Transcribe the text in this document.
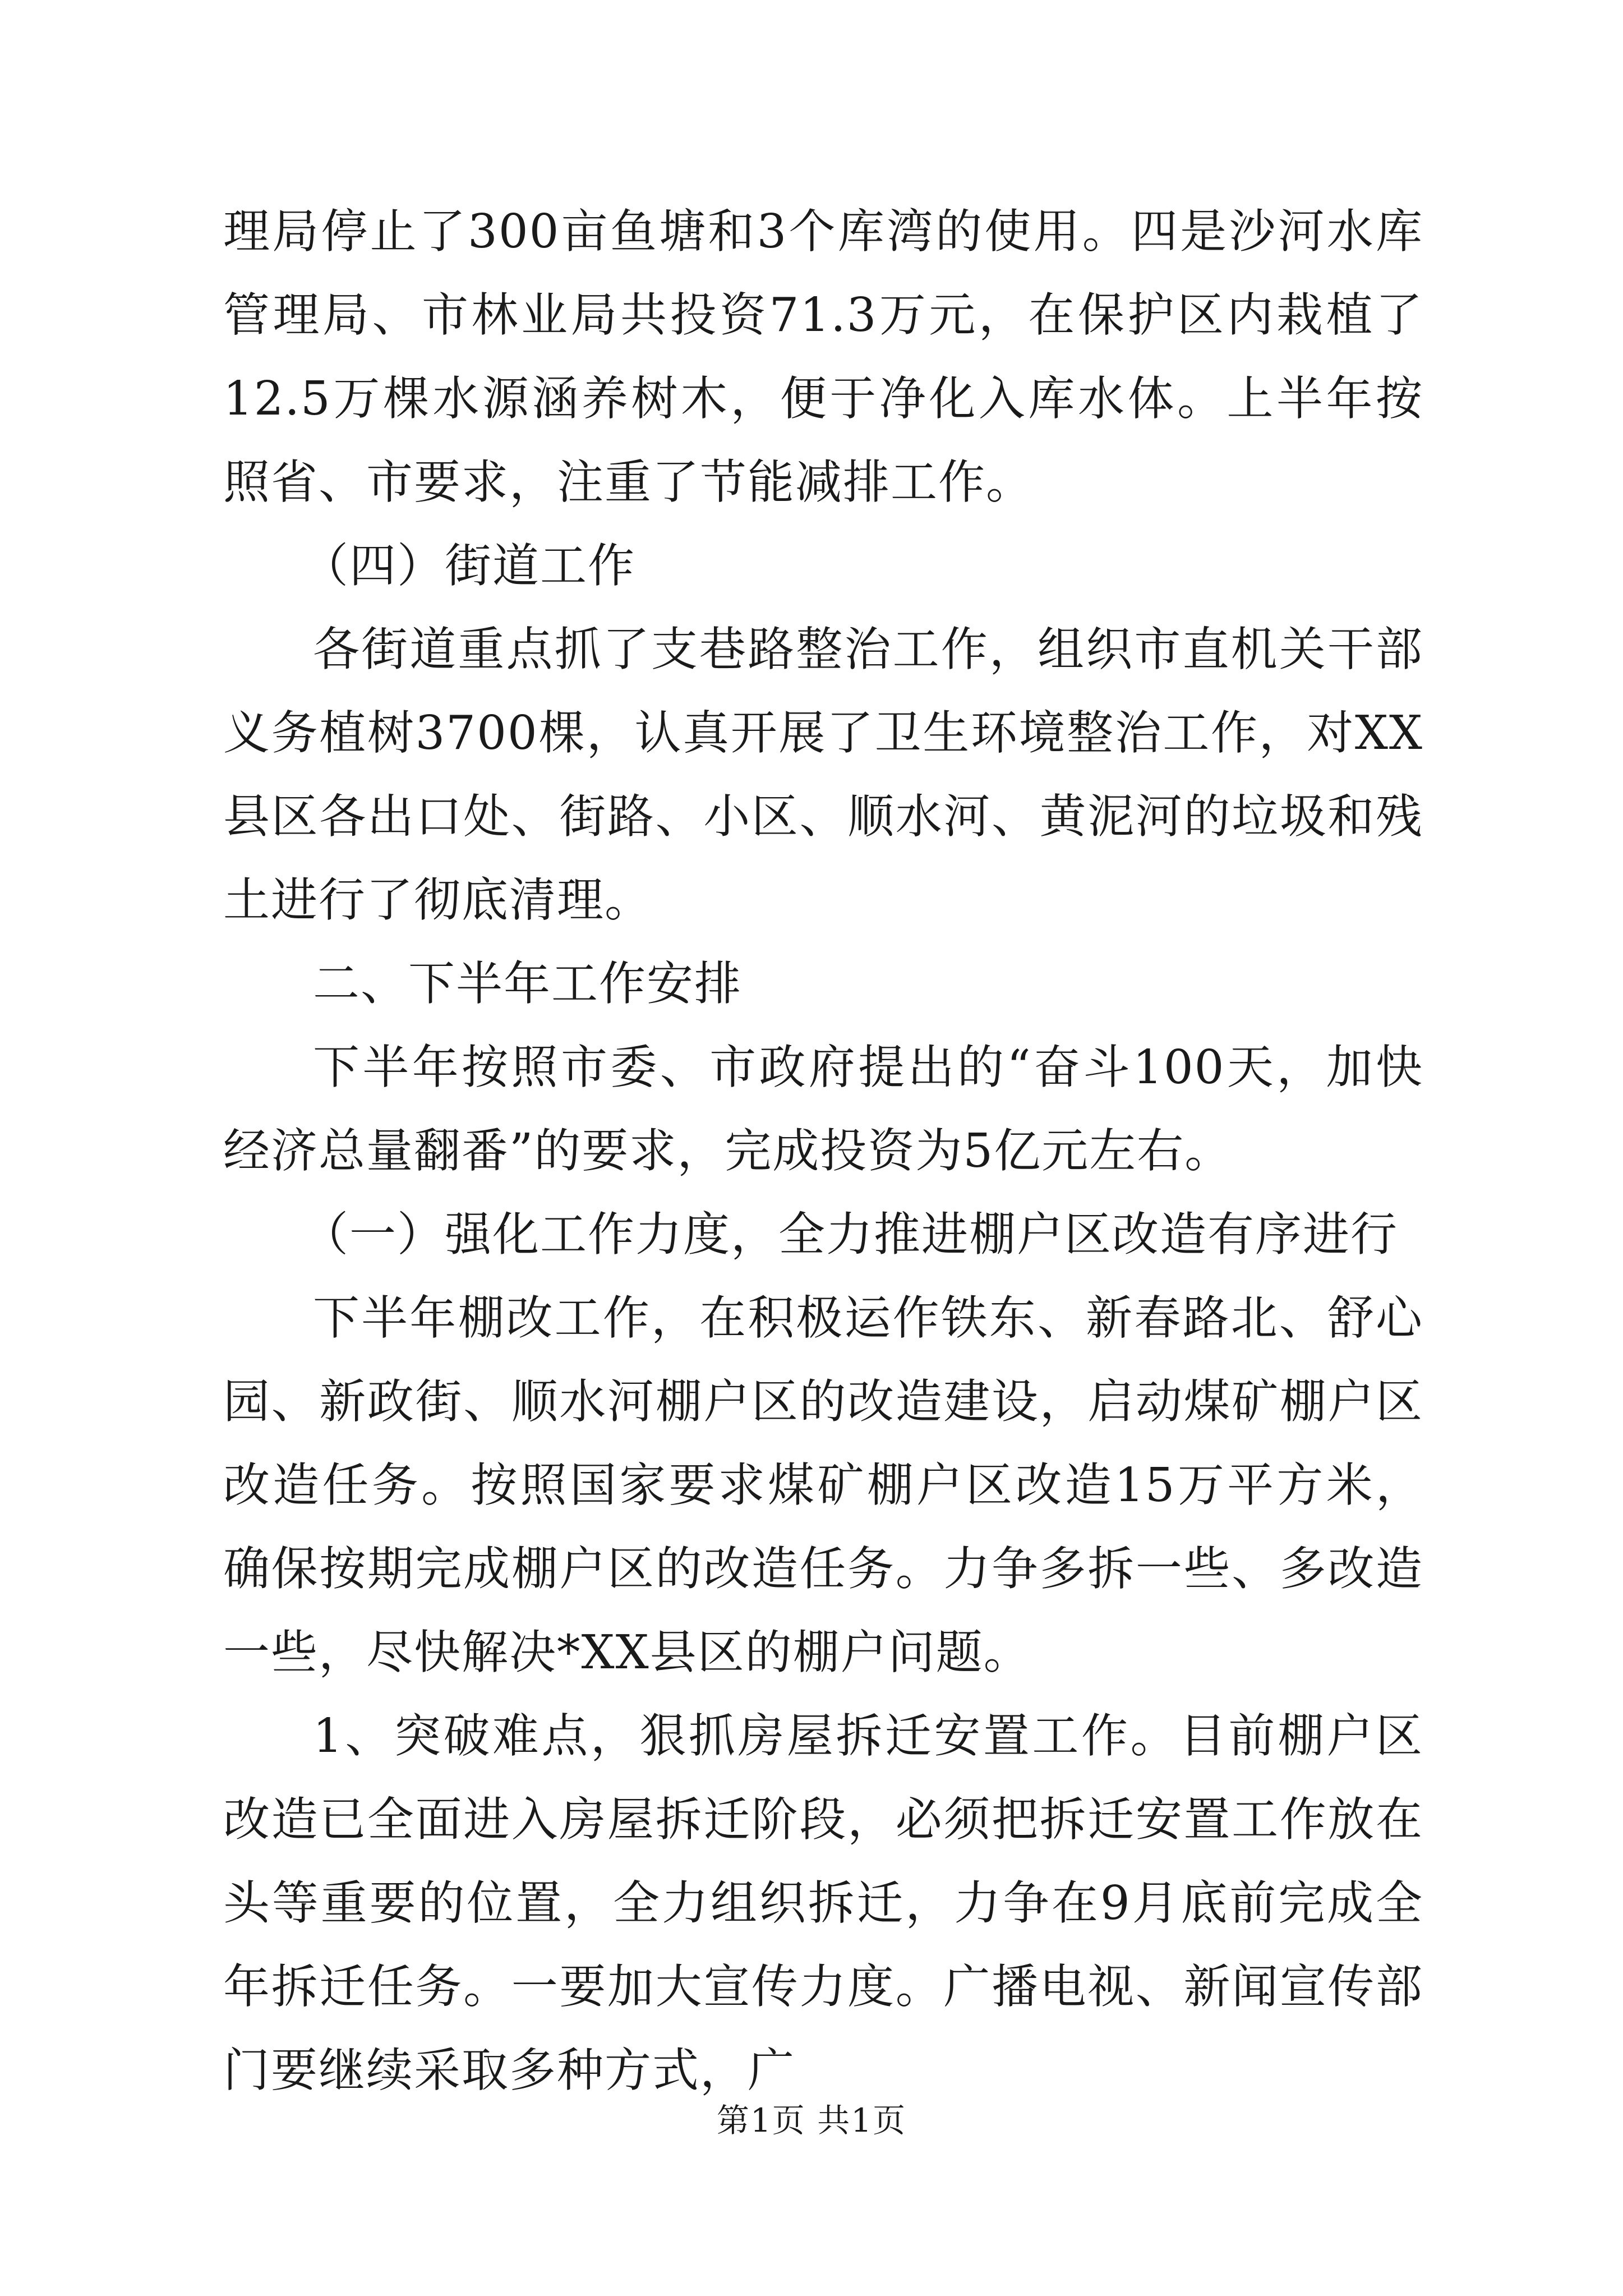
理局停止了300亩鱼塘和3个库湾的使用。四是沙河水库管理局、市林业局共投资71.3万元，在保护区内栽植了12.5万棵水源涵养树木，便于净化入库水体。上半年按照省、市要求，注重了节能减排工作。

（四）街道工作

各街道重点抓了支巷路整治工作，组织市直机关干部义务植树3700棵，认真开展了卫生环境整治工作，对XX县区各出口处、街路、小区、顺水河、黄泥河的垃圾和残土进行了彻底清理。

二、下半年工作安排

下半年按照市委、市政府提出的“奋斗100天，加快经济总量翻番”的要求，完成投资为5亿元左右。

（一）强化工作力度，全力推进棚户区改造有序进行

下半年棚改工作，在积极运作铁东、新春路北、舒心园、新政街、顺水河棚户区的改造建设，启动煤矿棚户区改造任务。按照国家要求煤矿棚户区改造15万平方米，确保按期完成棚户区的改造任务。力争多拆一些、多改造一些，尽快解决*XX县区的棚户问题。

1、突破难点，狠抓房屋拆迁安置工作。目前棚户区改造已全面进入房屋拆迁阶段，必须把拆迁安置工作放在头等重要的位置，全力组织拆迁，力争在9月底前完成全年拆迁任务。一要加大宣传力度。广播电视、新闻宣传部门要继续采取多种方式，广

第1页 共1页
